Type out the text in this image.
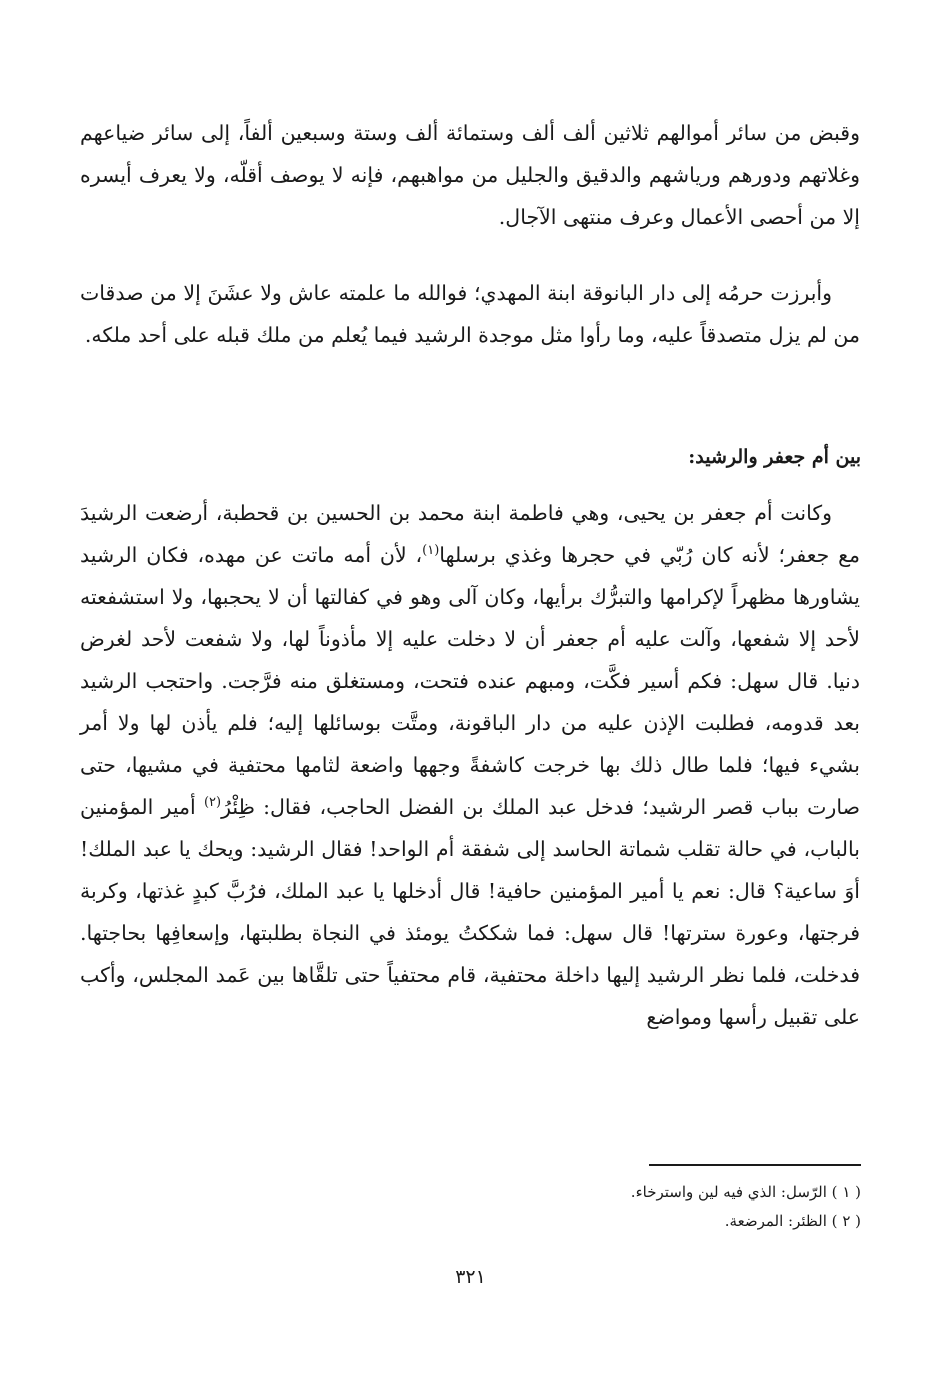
وقبض من سائر أموالهم ثلاثين ألف ألف وستمائة ألف وستة وسبعين ألفاً، إلى سائر ضياعهم وغلاتهم ودورهم ورياشهم والدقيق والجليل من مواهبهم، فإنه لا يوصف أقلّه، ولا يعرف أيسره إلا من أحصى الأعمال وعرف منتهى الآجال.

وأبرزت حرمُه إلى دار البانوقة ابنة المهدي؛ فوالله ما علمته عاش ولا عشَنَ إلا من صدقات من لم يزل متصدقاً عليه، وما رأوا مثل موجدة الرشيد فيما يُعلم من ملك قبله على أحد ملكه.

بين أم جعفر والرشيد:

وكانت أم جعفر بن يحيى، وهي فاطمة ابنة محمد بن الحسين بن قحطبة، أرضعت الرشيدَ مع جعفر؛ لأنه كان رُبّي في حجرها وغذي برسلها$^{(١)}$، لأن أمه ماتت عن مهده، فكان الرشيد يشاورها مظهراً لإكرامها والتبرُّك برأيها، وكان آلى وهو في كفالتها أن لا يحجبها، ولا استشفعته لأحد إلا شفعها، وآلت عليه أم جعفر أن لا دخلت عليه إلا مأذوناً لها، ولا شفعت لأحد لغرض دنيا. قال سهل: فكم أسير فكَّت، ومبهم عنده فتحت، ومستغلق منه فرَّجت. واحتجب الرشيد بعد قدومه، فطلبت الإذن عليه من دار الباقونة، ومتَّت بوسائلها إليه؛ فلم يأذن لها ولا أمر بشيء فيها؛ فلما طال ذلك بها خرجت كاشفةً وجهها واضعة لثامها محتفية في مشيها، حتى صارت بباب قصر الرشيد؛ فدخل عبد الملك بن الفضل الحاجب، فقال: ظِئْرُ$^{(٢)}$ أمير المؤمنين بالباب، في حالة تقلب شماتة الحاسد إلى شفقة أم الواحد! فقال الرشيد: ويحك يا عبد الملك! أوَ ساعية؟ قال: نعم يا أمير المؤمنين حافية! قال أدخلها يا عبد الملك، فرُبَّ كبدٍ غذتها، وكربة فرجتها، وعورة سترتها! قال سهل: فما شككتُ يومئذ في النجاة بطلبتها، وإسعافِها بحاجتها. فدخلت، فلما نظر الرشيد إليها داخلة محتفية، قام محتفياً حتى تلقَّاها بين عَمد المجلس، وأكب على تقبيل رأسها ومواضع

( ١ ) الرّسل: الذي فيه لين واسترخاء.
( ٢ ) الظئر: المرضعة.
٣٢١
